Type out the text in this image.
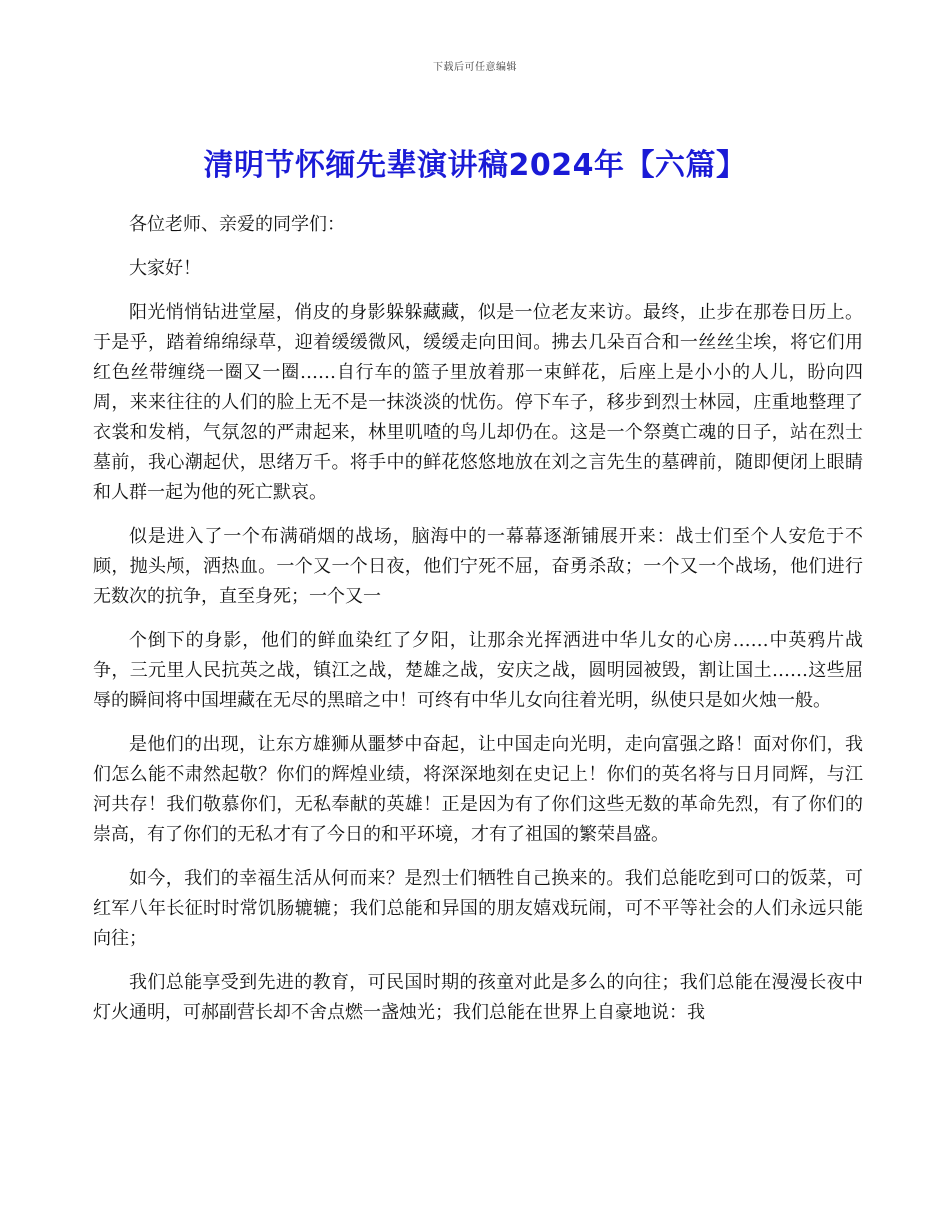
下载后可任意编辑
清明节怀缅先辈演讲稿2024年【六篇】

各位老师、亲爱的同学们：

大家好！

阳光悄悄钻进堂屋，俏皮的身影躲躲藏藏，似是一位老友来访。最终，止步在那卷日历上。于是乎，踏着绵绵绿草，迎着缓缓微风，缓缓走向田间。拂去几朵百合和一丝丝尘埃，将它们用红色丝带缠绕一圈又一圈……自行车的篮子里放着那一束鲜花，后座上是小小的人儿，盼向四周，来来往往的人们的脸上无不是一抹淡淡的忧伤。停下车子，移步到烈士林园，庄重地整理了衣裳和发梢，气氛忽的严肃起来，林里叽喳的鸟儿却仍在。这是一个祭奠亡魂的日子，站在烈士墓前，我心潮起伏，思绪万千。将手中的鲜花悠悠地放在刘之言先生的墓碑前，随即便闭上眼睛和人群一起为他的死亡默哀。

似是进入了一个布满硝烟的战场，脑海中的一幕幕逐渐铺展开来：战士们至个人安危于不顾，抛头颅，洒热血。一个又一个日夜，他们宁死不屈，奋勇杀敌；一个又一个战场，他们进行无数次的抗争，直至身死；一个又一

个倒下的身影，他们的鲜血染红了夕阳，让那余光挥洒进中华儿女的心房……中英鸦片战争，三元里人民抗英之战，镇江之战，楚雄之战，安庆之战，圆明园被毁，割让国土……这些屈辱的瞬间将中国埋藏在无尽的黑暗之中！可终有中华儿女向往着光明，纵使只是如火烛一般。

是他们的出现，让东方雄狮从噩梦中奋起，让中国走向光明，走向富强之路！面对你们，我们怎么能不肃然起敬？你们的辉煌业绩，将深深地刻在史记上！你们的英名将与日月同辉，与江河共存！我们敬慕你们，无私奉献的英雄！正是因为有了你们这些无数的革命先烈，有了你们的崇高，有了你们的无私才有了今日的和平环境，才有了祖国的繁荣昌盛。

如今，我们的幸福生活从何而来？是烈士们牺牲自己换来的。我们总能吃到可口的饭菜，可红军八年长征时时常饥肠辘辘；我们总能和异国的朋友嬉戏玩闹，可不平等社会的人们永远只能向往；

我们总能享受到先进的教育，可民国时期的孩童对此是多么的向往；我们总能在漫漫长夜中灯火通明，可郝副营长却不舍点燃一盏烛光；我们总能在世界上自豪地说：我
